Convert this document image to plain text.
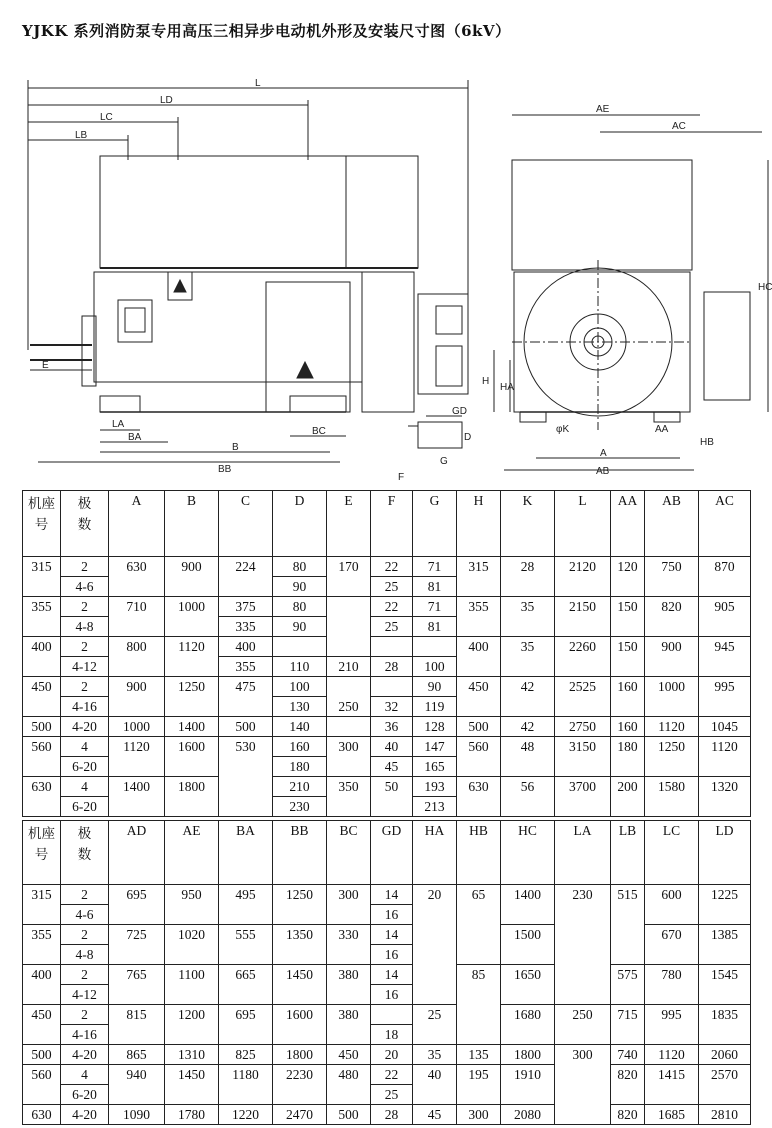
YJKK 系列消防泵专用高压三相异步电动机外形及安装尺寸图（6kV）
L
LD
LC
LB
E
LA
BA
B
BB
BC
GD
G
D
F
AE
AC
H
HA
φK
A
AA
AB
HB
HC
机座号	极数	A	B	C	D	E	F	G	H	K	L	AA	AB	AC
315	2	630	900	224	80	170	22	71	315	28	2120	120	750	870
	4-6				90		25	81						
355	2	710	1000	375	80		22	71	355	35	2150	150	820	905
	4-8			335	90		25	81						
400	2	800	1120	400					400	35	2260	150	900	945
	4-12			355	110	210	28	100						
450	2	900	1250	475	100	250		90	450	42	2525	160	1000	995
	4-16				130		32	119						
500	4-20	1000	1400	500	140		36	128	500	42	2750	160	1120	1045
560	4	1120	1600	530	160	300	40	147	560	48	3150	180	1250	1120
	6-20				180		45	165						
630	4	1400	1800		210	350	50	193	630	56	3700	200	1580	1320
	6-20				230			213						
机座号	极数	AD	AE	BA	BB	BC	GD	HA	HB	HC	LA	LB	LC	LD
315	2	695	950	495	1250	300	14	20	65	1400	230	515	600	1225
	4-6						16							
355	2	725	1020	555	1350	330	14			1500			670	1385
	4-8						16							
400	2	765	1100	665	1450	380	14		85	1650		575	780	1545
	4-12						16							
450	2	815	1200	695	1600	380		25		1680	250	715	995	1835
	4-16						18							
500	4-20	865	1310	825	1800	450	20	35	135	1800	300	740	1120	2060
560	4	940	1450	1180	2230	480	22	40	195	1910		820	1415	2570
	6-20						25							
630	4-20	1090	1780	1220	2470	500	28	45	300	2080		820	1685	2810
